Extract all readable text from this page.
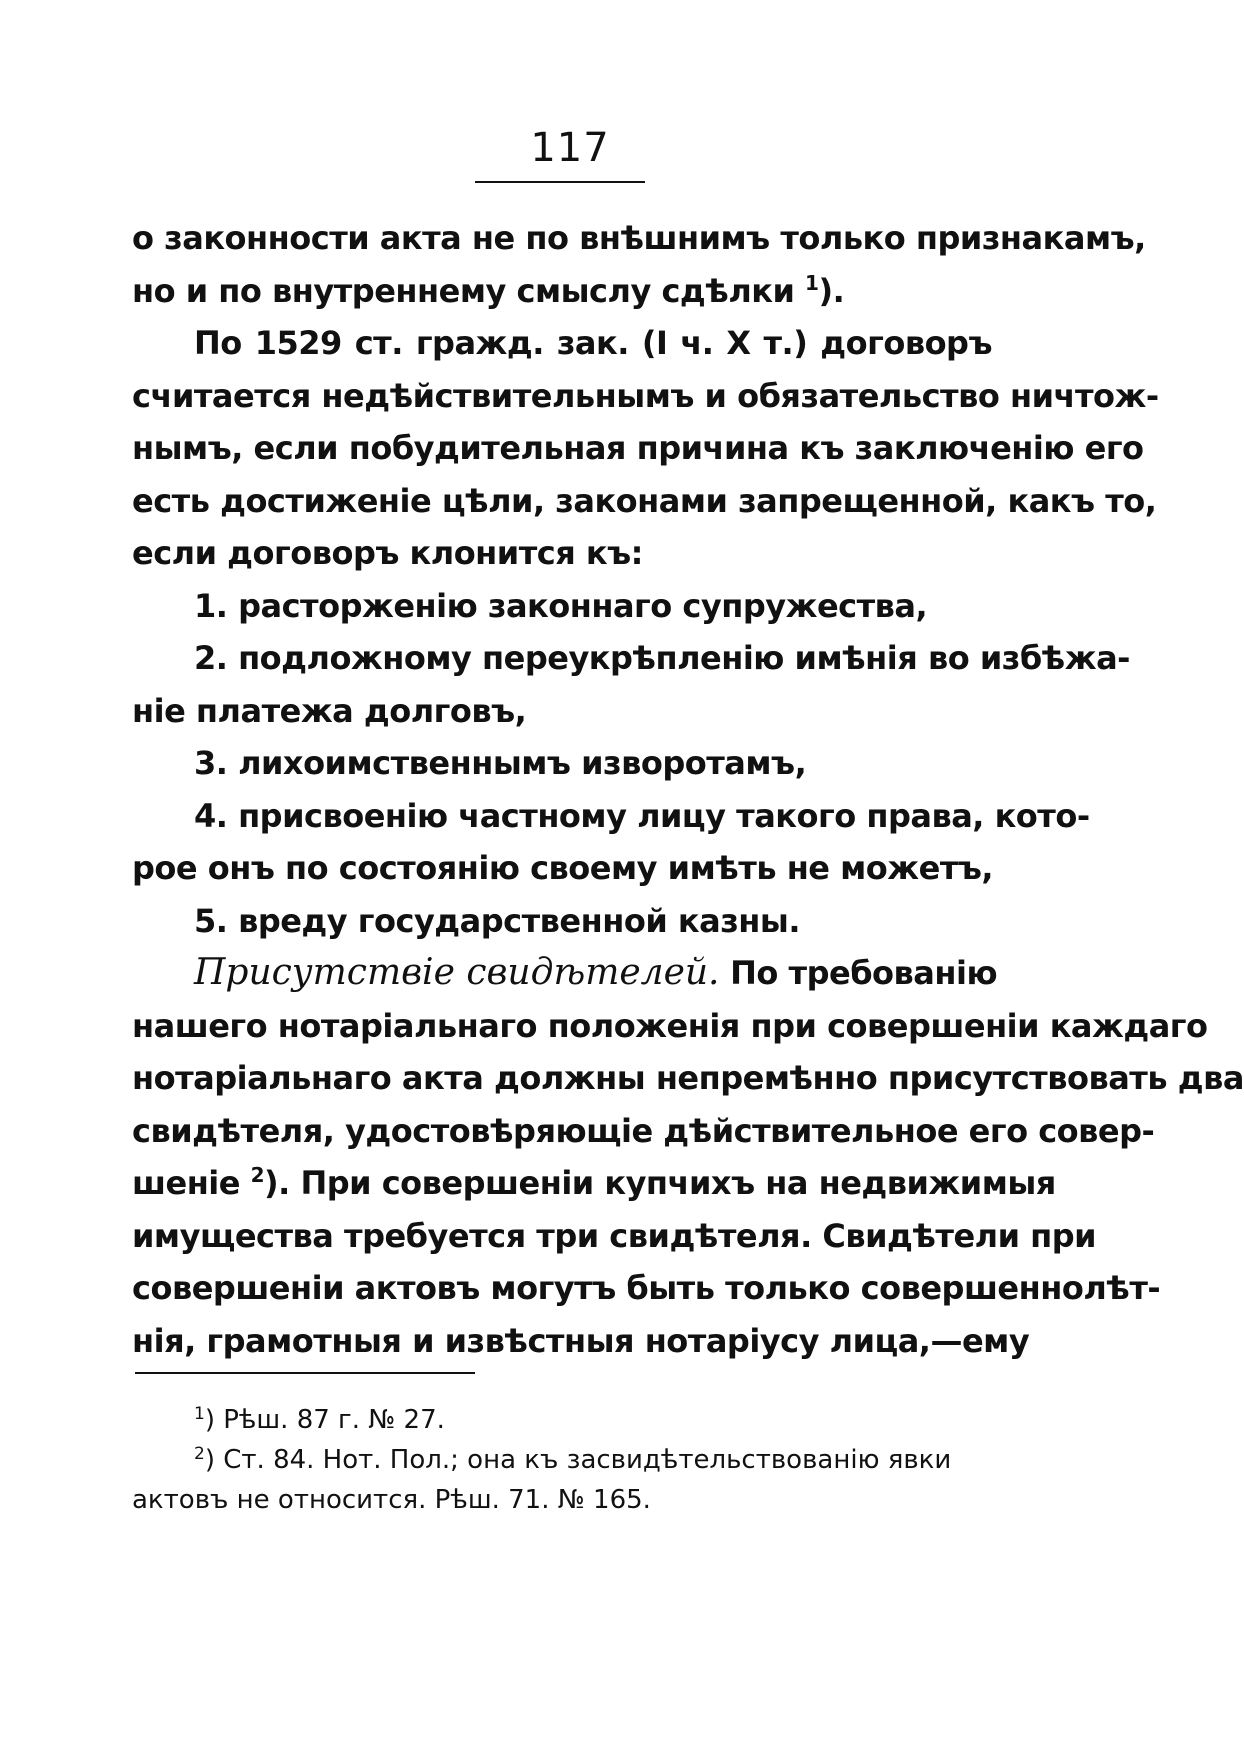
117
о законности акта не по внѣшнимъ только признакамъ,
но и по внутреннему смыслу сдѣлки $^1$).
По 1529 ст. гражд. зак. (I ч. X т.) договоръ
считается недѣйствительнымъ и обязательство ничтож-
нымъ, если побудительная причина къ заключенію его
есть достиженіе цѣли, законами запрещенной, какъ то,
если договоръ клонится къ:
1. расторженію законнаго супружества,
2. подложному переукрѣпленію имѣнія во избѣжа-
ніе платежа долговъ,
3. лихоимственнымъ изворотамъ,
4. присвоенію частному лицу такого права, кото-
рое онъ по состоянію своему имѣть не можетъ,
5. вреду государственной казны.
Присутствіе свидѣтелей. По требованію
нашего нотаріальнаго положенія при совершеніи каждаго
нотаріальнаго акта должны непремѣнно присутствовать два
свидѣтеля, удостовѣряющіе дѣйствительное его совер-
шеніе $^2$). При совершеніи купчихъ на недвижимыя
имущества требуется три свидѣтеля. Свидѣтели при
совершеніи актовъ могутъ быть только совершеннолѣт-
нія, грамотныя и извѣстныя нотаріусу лица,—ему
$^1$) Рѣш. 87 г. № 27.
$^2$) Ст. 84. Нот. Пол.; она къ засвидѣтельствованію явки
актовъ не относится. Рѣш. 71. № 165.
